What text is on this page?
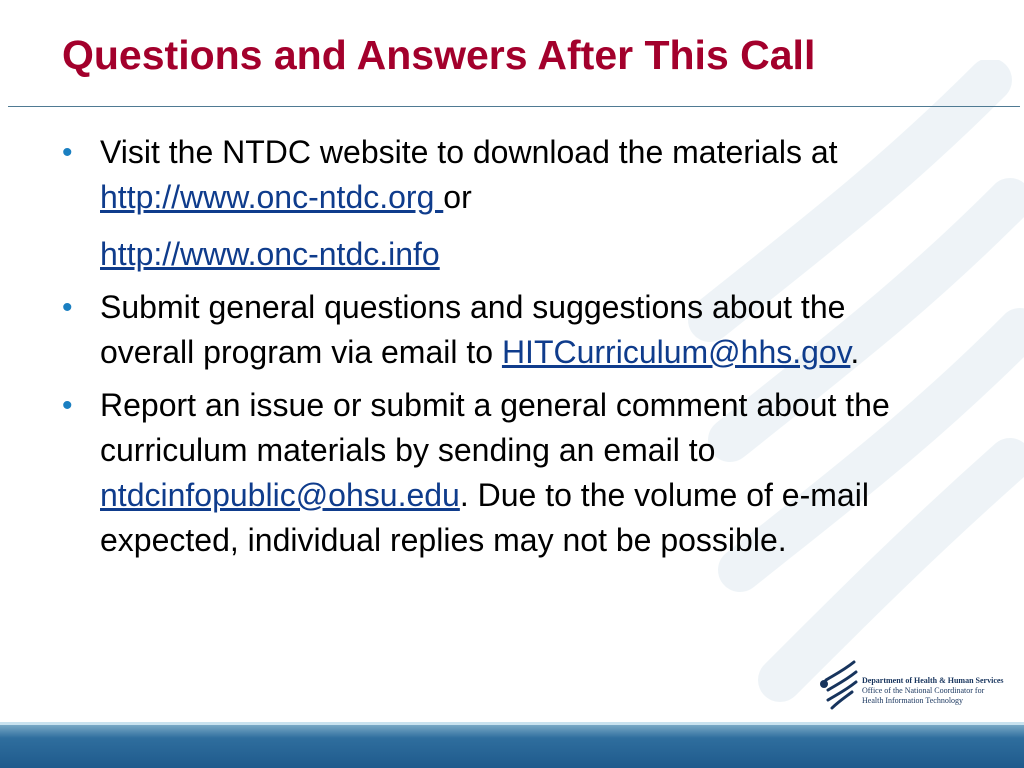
Questions and Answers After This Call
• Visit the NTDC website to download the materials at http://www.onc-ntdc.org or
http://www.onc-ntdc.info
• Submit general questions and suggestions about the overall program via email to HITCurriculum@hhs.gov.
• Report an issue or submit a general comment about the curriculum materials by sending an email to ntdcinfopublic@ohsu.edu. Due to the volume of e-mail expected, individual replies may not be possible.
Department of Health & Human Services
Office of the National Coordinator for
Health Information Technology
